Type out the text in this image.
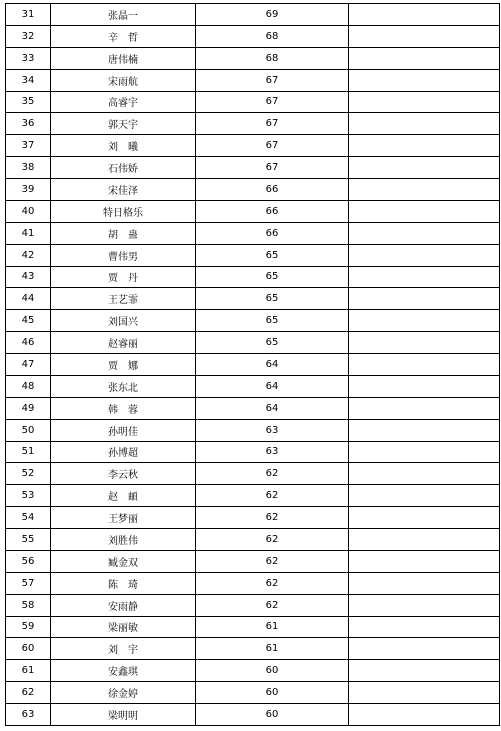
31	张晶一	69	
32	辛　哲	68	
33	唐伟楠	68	
34	宋雨航	67	
35	高睿宇	67	
36	郭天宇	67	
37	刘　曦	67	
38	石伟娇	67	
39	宋佳泽	66	
40	特日格乐	66	
41	胡　蛊	66	
42	曹伟男	65	
43	贾　丹	65	
44	王艺霏	65	
45	刘国兴	65	
46	赵睿丽	65	
47	贾　娜	64	
48	张东北	64	
49	韩　蓉	64	
50	孙明佳	63	
51	孙博超	63	
52	李云秋	62	
53	赵　頔	62	
54	王梦丽	62	
55	刘胜伟	62	
56	臧金双	62	
57	陈　琦	62	
58	安雨静	62	
59	梁丽敏	61	
60	刘　宇	61	
61	安鑫琪	60	
62	徐金婷	60	
63	梁明明	60	
